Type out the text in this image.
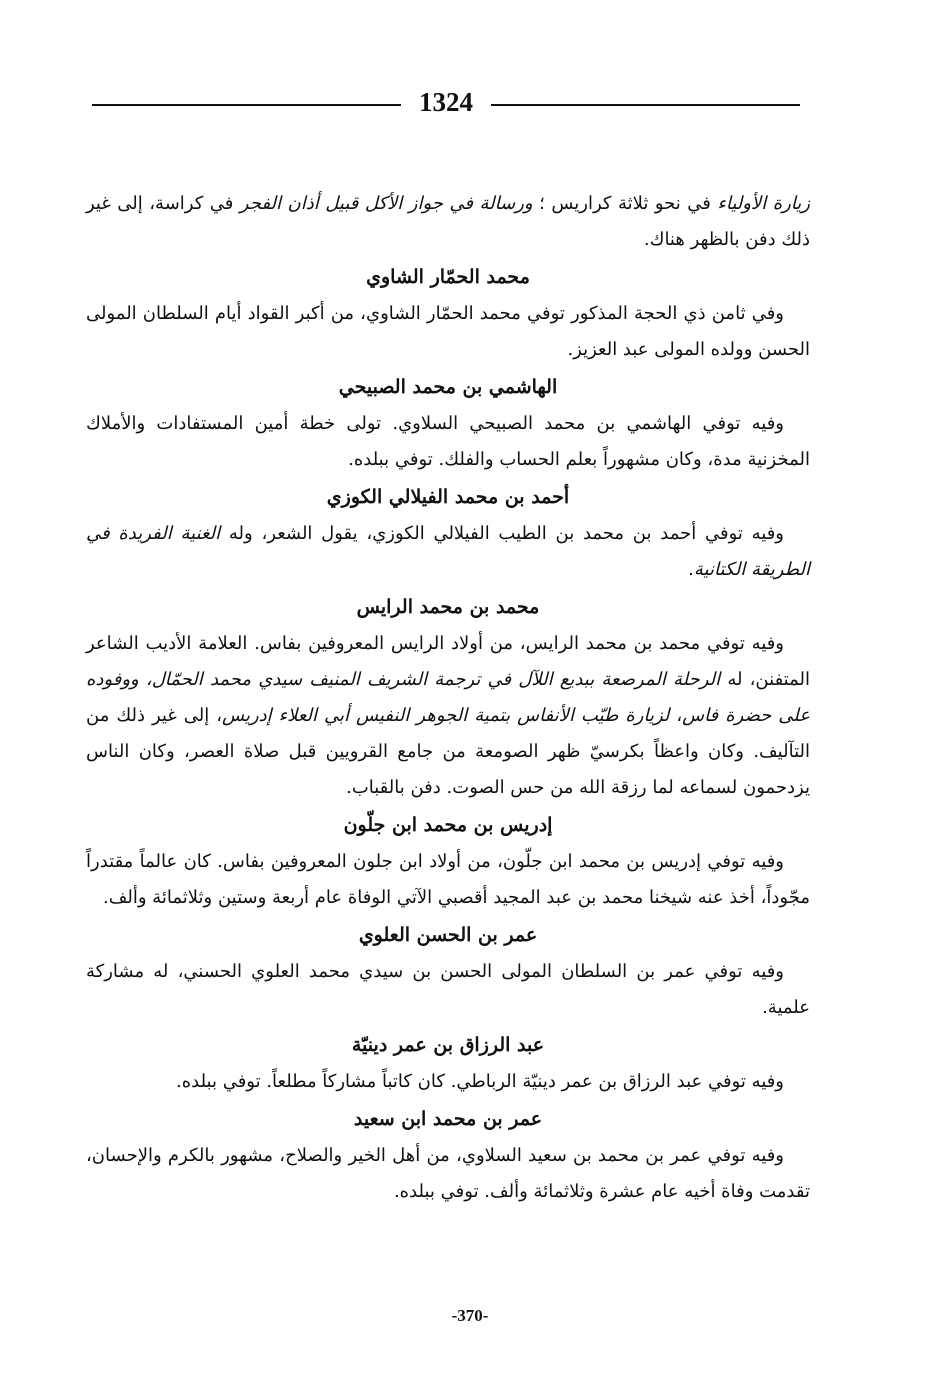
1324

زيارة الأولياء في نحو ثلاثة كراريس ؛ ورسالة في جواز الأكل قبيل أذان الفجر في كراسة، إلى غير ذلك دفن بالظهر هناك.

محمد الحمّار الشاوي

وفي ثامن ذي الحجة المذكور توفي محمد الحمّار الشاوي، من أكبر القواد أيام السلطان المولى الحسن وولده المولى عبد العزيز.

الهاشمي بن محمد الصبيحي

وفيه توفي الهاشمي بن محمد الصبيحي السلاوي. تولى خطة أمين المستفادات والأملاك المخزنية مدة، وكان مشهوراً بعلم الحساب والفلك. توفي ببلده.

أحمد بن محمد الفيلالي الكوزي

وفيه توفي أحمد بن محمد بن الطيب الفيلالي الكوزي، يقول الشعر، وله الغنية الفريدة في الطريقة الكتانية.

محمد بن محمد الرايس

وفيه توفي محمد بن محمد الرايس، من أولاد الرايس المعروفين بفاس. العلامة الأديب الشاعر المتفنن، له الرحلة المرصعة ببديع اللآل في ترجمة الشريف المنيف سيدي محمد الحمّال، ووفوده على حضرة فاس، لزيارة طيّب الأنفاس بتمية الجوهر النفيس أبي العلاء إدريس، إلى غير ذلك من التآليف. وكان واعظاً بكرسيّ ظهر الصومعة من جامع القرويين قبل صلاة العصر، وكان الناس يزدحمون لسماعه لما رزقة الله من حس الصوت. دفن بالقباب.

إدريس بن محمد ابن جلّون

وفيه توفي إدريس بن محمد ابن جلّون، من أولاد ابن جلون المعروفين بفاس. كان عالماً مقتدراً مجّوداً، أخذ عنه شيخنا محمد بن عبد المجيد أقصبي الآتي الوفاة عام أربعة وستين وثلاثمائة وألف.

عمر بن الحسن العلوي

وفيه توفي عمر بن السلطان المولى الحسن بن سيدي محمد العلوي الحسني، له مشاركة علمية.

عبد الرزاق بن عمر دينيّة

وفيه توفي عبد الرزاق بن عمر دينيّة الرباطي. كان كاتباً مشاركاً مطلعاً. توفي ببلده.

عمر بن محمد ابن سعيد

وفيه توفي عمر بن محمد بن سعيد السلاوي، من أهل الخير والصلاح، مشهور بالكرم والإحسان، تقدمت وفاة أخيه عام عشرة وثلاثمائة وألف. توفي ببلده.

-370-
